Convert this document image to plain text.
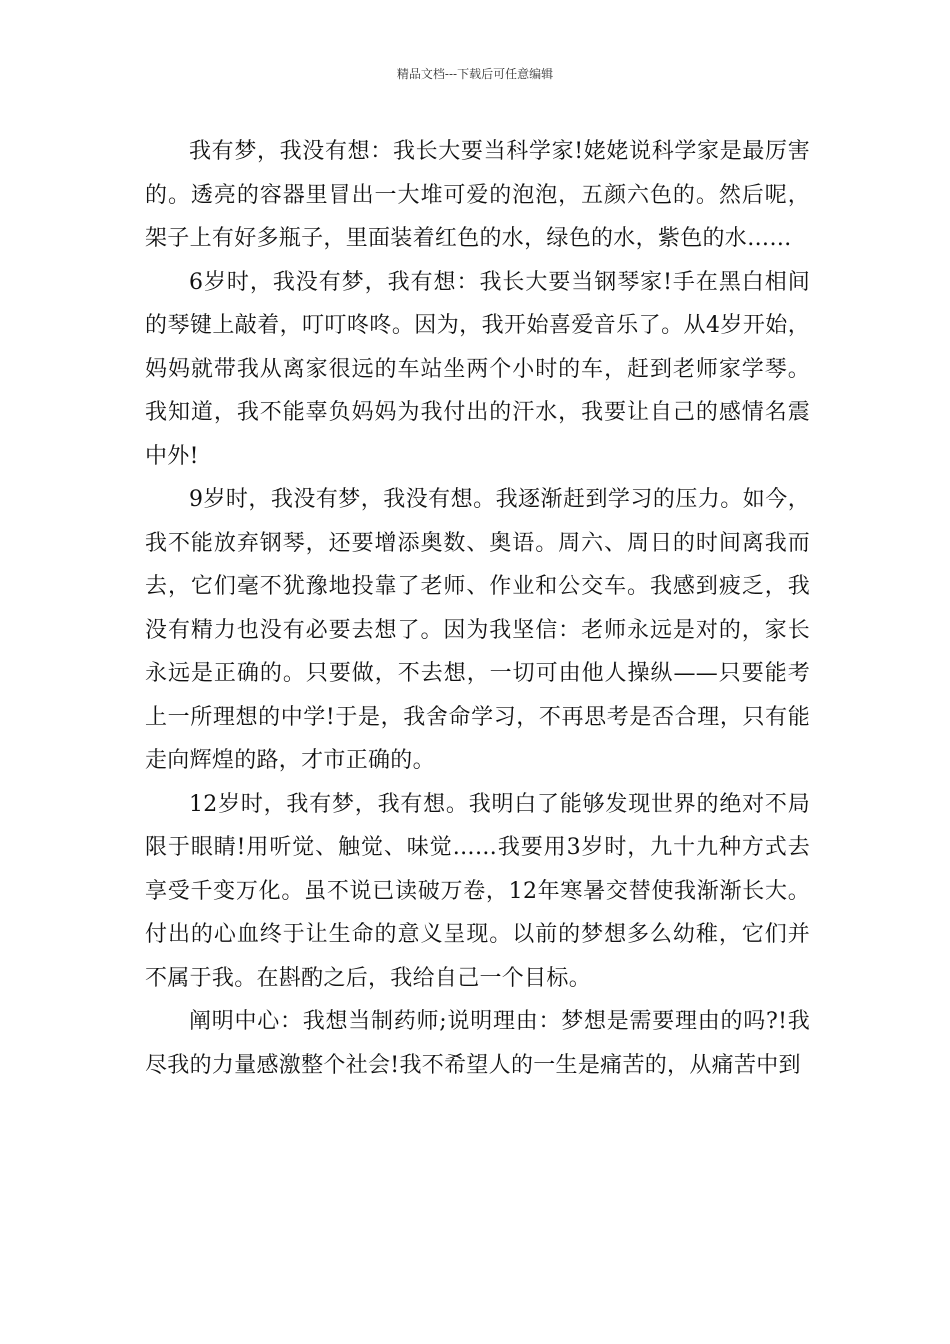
精品文档---下载后可任意编辑

我有梦，我没有想：我长大要当科学家!姥姥说科学家是最厉害的。透亮的容器里冒出一大堆可爱的泡泡，五颜六色的。然后呢，架子上有好多瓶子，里面装着红色的水，绿色的水，紫色的水……

6岁时，我没有梦，我有想：我长大要当钢琴家!手在黑白相间的琴键上敲着，叮叮咚咚。因为，我开始喜爱音乐了。从4岁开始，妈妈就带我从离家很远的车站坐两个小时的车，赶到老师家学琴。我知道，我不能辜负妈妈为我付出的汗水，我要让自己的感情名震中外!

9岁时，我没有梦，我没有想。我逐渐赶到学习的压力。如今，我不能放弃钢琴，还要增添奥数、奥语。周六、周日的时间离我而去，它们毫不犹豫地投靠了老师、作业和公交车。我感到疲乏，我没有精力也没有必要去想了。因为我坚信：老师永远是对的，家长永远是正确的。只要做，不去想，一切可由他人操纵——只要能考上一所理想的中学!于是，我舍命学习，不再思考是否合理，只有能走向辉煌的路，才市正确的。

12岁时，我有梦，我有想。我明白了能够发现世界的绝对不局限于眼睛!用听觉、触觉、味觉……我要用3岁时，九十九种方式去享受千变万化。虽不说已读破万卷，12年寒暑交替使我渐渐长大。付出的心血终于让生命的意义呈现。以前的梦想多么幼稚，它们并不属于我。在斟酌之后，我给自己一个目标。

阐明中心：我想当制药师;说明理由：梦想是需要理由的吗?!我尽我的力量感激整个社会!我不希望人的一生是痛苦的，从痛苦中到
